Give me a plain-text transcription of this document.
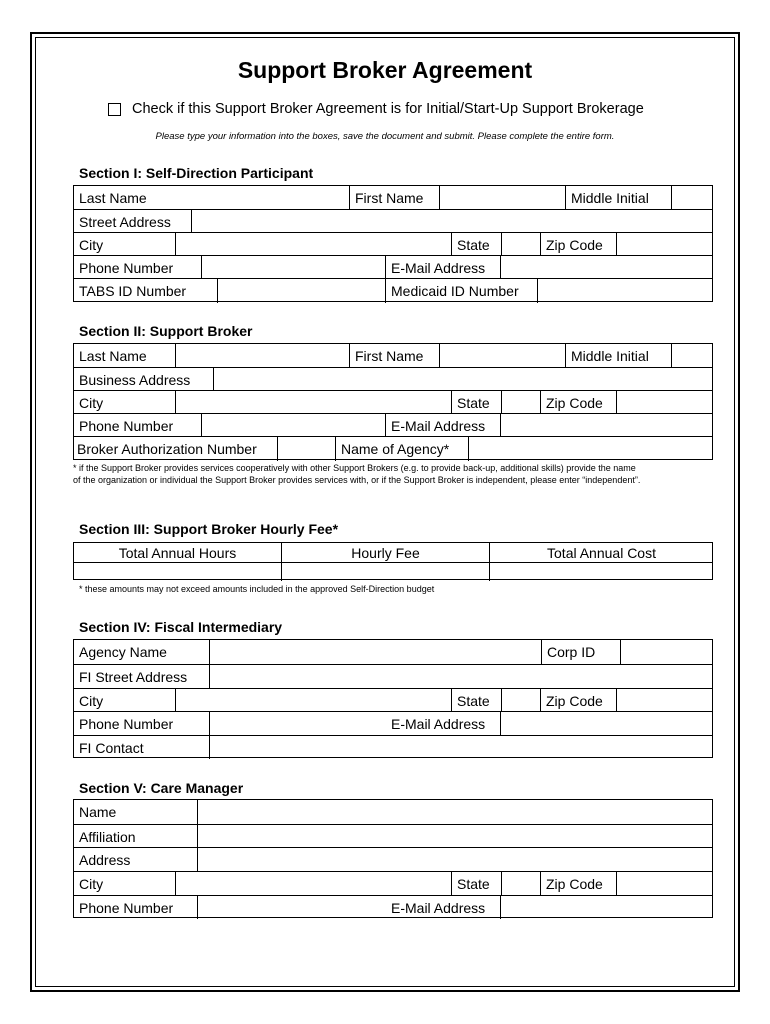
Support Broker Agreement
Check if this Support Broker Agreement is for Initial/Start-Up Support Brokerage
Please type your information into the boxes, save the document and submit. Please complete the entire form.
Section I: Self-Direction Participant
Last Name	First Name	Middle Initial
Street Address
City	State	Zip Code
Phone Number	E-Mail Address
TABS ID Number	Medicaid ID Number
Section II: Support Broker
Last Name	First Name	Middle Initial
Business Address
City	State	Zip Code
Phone Number	E-Mail Address
Broker Authorization Number	Name of Agency*
* if the Support Broker provides services cooperatively with other Support Brokers (e.g. to provide back-up, additional skills) provide the name
of the organization or individual the Support Broker provides services with, or if the Support Broker is independent, please enter “independent”.
Section III: Support Broker Hourly Fee*
Total Annual Hours	Hourly Fee	Total Annual Cost
* these amounts may not exceed amounts included in the approved Self-Direction budget
Section IV: Fiscal Intermediary
Agency Name	Corp ID
FI Street Address
City	State	Zip Code
Phone Number	E-Mail Address
FI Contact
Section V: Care Manager
Name
Affiliation
Address
City	State	Zip Code
Phone Number	E-Mail Address
